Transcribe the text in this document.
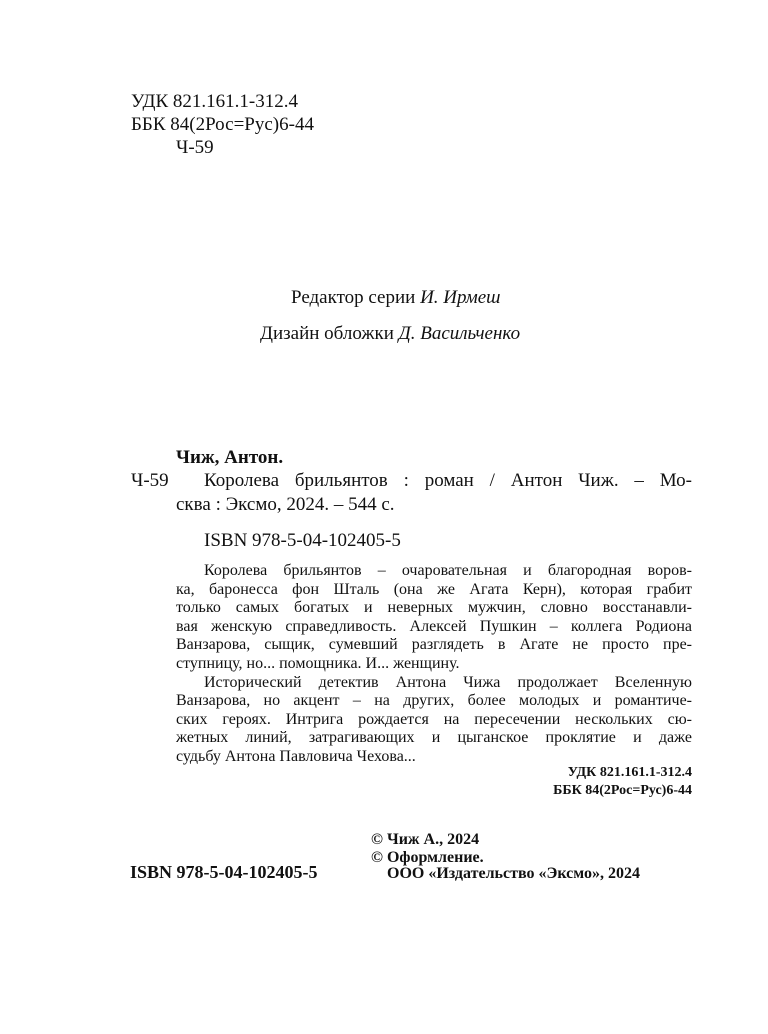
УДК 821.161.1-312.4
ББК 84(2Рос=Рус)6-44
Ч-59
Редактор серии И. Ирмеш
Дизайн обложки Д. Васильченко
Чиж, Антон.
Ч-59 Королева брильянтов : роман / Антон Чиж. – Мо-
сква : Эксмо, 2024. – 544 с.
ISBN 978-5-04-102405-5
Королева брильянтов – очаровательная и благородная воров-
ка, баронесса фон Шталь (она же Агата Керн), которая грабит
только самых богатых и неверных мужчин, словно восстанавли-
вая женскую справедливость. Алексей Пушкин – коллега Родиона
Ванзарова, сыщик, сумевший разглядеть в Агате не просто пре-
ступницу, но... помощника. И... женщину.
Исторический детектив Антона Чижа продолжает Вселенную
Ванзарова, но акцент – на других, более молодых и романтиче-
ских героях. Интрига рождается на пересечении нескольких сю-
жетных линий, затрагивающих и цыганское проклятие и даже
судьбу Антона Павловича Чехова...
УДК 821.161.1-312.4
ББК 84(2Рос=Рус)6-44
ISBN 978-5-04-102405-5
© Чиж А., 2024
© Оформление.
ООО «Издательство «Эксмо», 2024
